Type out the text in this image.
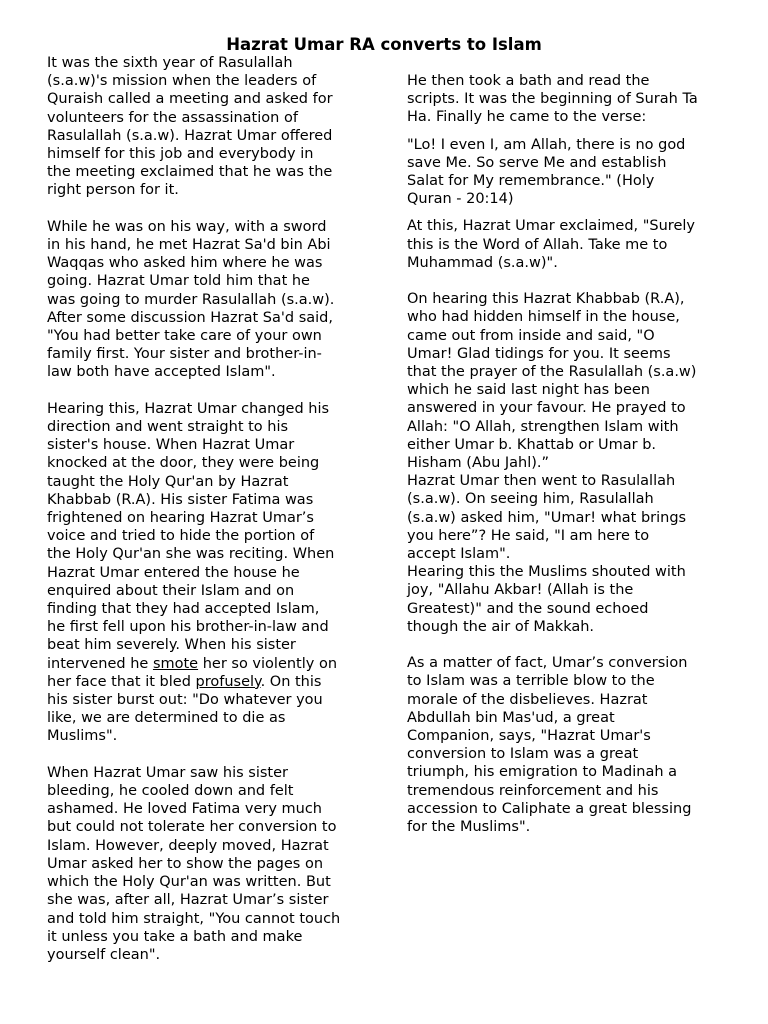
Hazrat Umar RA converts to Islam

It was the sixth year of Rasulallah
(s.a.w)'s mission when the leaders of
Quraish called a meeting and asked for
volunteers for the assassination of
Rasulallah (s.a.w). Hazrat Umar offered
himself for this job and everybody in
the meeting exclaimed that he was the
right person for it.

While he was on his way, with a sword
in his hand, he met Hazrat Sa'd bin Abi
Waqqas who asked him where he was
going. Hazrat Umar told him that he
was going to murder Rasulallah (s.a.w).
After some discussion Hazrat Sa'd said,
"You had better take care of your own
family first. Your sister and brother-in-
law both have accepted Islam".

Hearing this, Hazrat Umar changed his
direction and went straight to his
sister's house. When Hazrat Umar
knocked at the door, they were being
taught the Holy Qur'an by Hazrat
Khabbab (R.A). His sister Fatima was
frightened on hearing Hazrat Umar’s
voice and tried to hide the portion of
the Holy Qur'an she was reciting. When
Hazrat Umar entered the house he
enquired about their Islam and on
finding that they had accepted Islam,
he first fell upon his brother-in-law and
beat him severely. When his sister
intervened he smote her so violently on
her face that it bled profusely. On this
his sister burst out: "Do whatever you
like, we are determined to die as
Muslims".

When Hazrat Umar saw his sister
bleeding, he cooled down and felt
ashamed. He loved Fatima very much
but could not tolerate her conversion to
Islam. However, deeply moved, Hazrat
Umar asked her to show the pages on
which the Holy Qur'an was written. But
she was, after all, Hazrat Umar’s sister
and told him straight, "You cannot touch
it unless you take a bath and make
yourself clean".

He then took a bath and read the
scripts. It was the beginning of Surah Ta
Ha. Finally he came to the verse:

"Lo! I even I, am Allah, there is no god
save Me. So serve Me and establish
Salat for My remembrance." (Holy
Quran - 20:14)

At this, Hazrat Umar exclaimed, "Surely
this is the Word of Allah. Take me to
Muhammad (s.a.w)".

On hearing this Hazrat Khabbab (R.A),
who had hidden himself in the house,
came out from inside and said, "O
Umar! Glad tidings for you. It seems
that the prayer of the Rasulallah (s.a.w)
which he said last night has been
answered in your favour. He prayed to
Allah: "O Allah, strengthen Islam with
either Umar b. Khattab or Umar b.
Hisham (Abu Jahl).”

Hazrat Umar then went to Rasulallah
(s.a.w). On seeing him, Rasulallah
(s.a.w) asked him, "Umar! what brings
you here”? He said, "I am here to
accept Islam".

Hearing this the Muslims shouted with
joy, "Allahu Akbar! (Allah is the
Greatest)" and the sound echoed
though the air of Makkah.

As a matter of fact, Umar’s conversion
to Islam was a terrible blow to the
morale of the disbelieves. Hazrat
Abdullah bin Mas'ud, a great
Companion, says, "Hazrat Umar's
conversion to Islam was a great
triumph, his emigration to Madinah a
tremendous reinforcement and his
accession to Caliphate a great blessing
for the Muslims".
